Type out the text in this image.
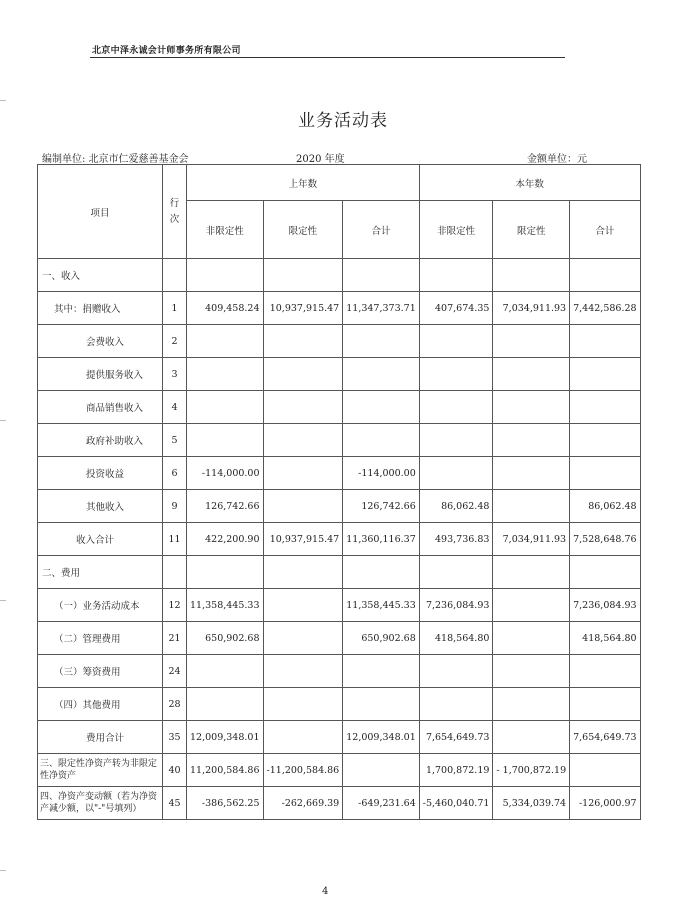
北京中泽永诚会计师事务所有限公司
业务活动表
编制单位: 北京市仁爱慈善基金会	2020 年度	金额单位：元
项目	行次	上年数			本年数		
		非限定性	限定性	合计	非限定性	限定性	合计
一、收入							
其中：捐赠收入	1	409,458.24	10,937,915.47	11,347,373.71	407,674.35	7,034,911.93	7,442,586.28
会费收入	2						
提供服务收入	3						
商品销售收入	4						
政府补助收入	5						
投资收益	6	-114,000.00		-114,000.00			
其他收入	9	126,742.66		126,742.66	86,062.48		86,062.48
收入合计	11	422,200.90	10,937,915.47	11,360,116.37	493,736.83	7,034,911.93	7,528,648.76
二、费用							
（一）业务活动成本	12	11,358,445.33		11,358,445.33	7,236,084.93		7,236,084.93
（二）管理费用	21	650,902.68		650,902.68	418,564.80		418,564.80
（三）筹资费用	24						
（四）其他费用	28						
费用合计	35	12,009,348.01		12,009,348.01	7,654,649.73		7,654,649.73
三、限定性净资产转为非限定性净资产	40	11,200,584.86	-11,200,584.86		1,700,872.19	- 1,700,872.19	
四、净资产变动额（若为净资产减少额，以"-"号填列）	45	-386,562.25	-262,669.39	-649,231.64	-5,460,040.71	5,334,039.74	-126,000.97
4
